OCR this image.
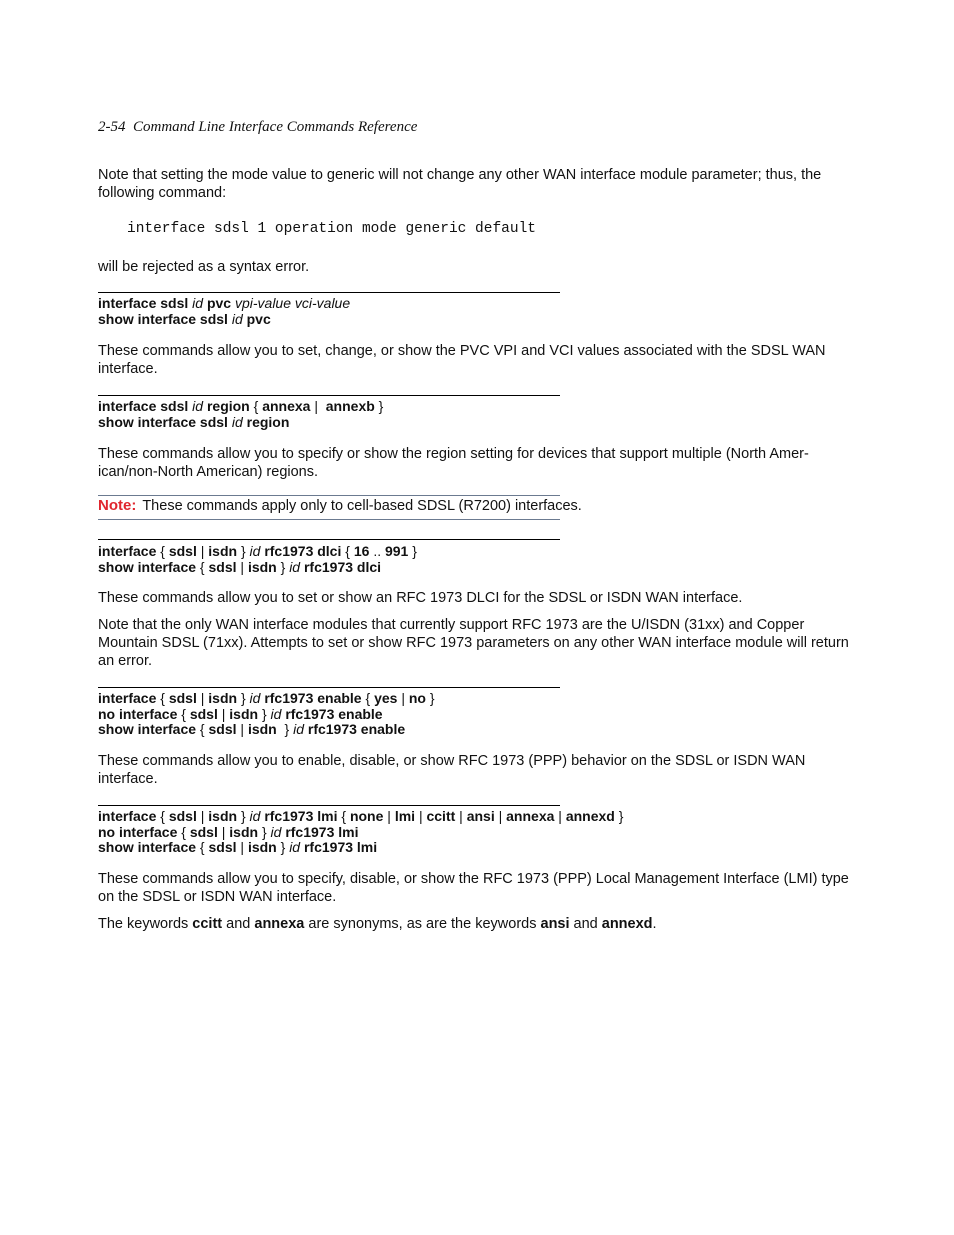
2-54 Command Line Interface Commands Reference

Note that setting the mode value to generic will not change any other WAN interface module parameter; thus, the following command:

interface sdsl 1 operation mode generic default

will be rejected as a syntax error.

interface sdsl id pvc vpi-value vci-value
show interface sdsl id pvc

These commands allow you to set, change, or show the PVC VPI and VCI values associated with the SDSL WAN interface.

interface sdsl id region { annexa | annexb }
show interface sdsl id region

These commands allow you to specify or show the region setting for devices that support multiple (North Amer-ican/non-North American) regions.

Note: These commands apply only to cell-based SDSL (R7200) interfaces.
interface { sdsl | isdn } id rfc1973 dlci { 16 .. 991 }
show interface { sdsl | isdn } id rfc1973 dlci

These commands allow you to set or show an RFC 1973 DLCI for the SDSL or ISDN WAN interface.

Note that the only WAN interface modules that currently support RFC 1973 are the U/ISDN (31xx) and Copper Mountain SDSL (71xx). Attempts to set or show RFC 1973 parameters on any other WAN interface module will return an error.

interface { sdsl | isdn } id rfc1973 enable { yes | no }
no interface { sdsl | isdn } id rfc1973 enable
show interface { sdsl | isdn } id rfc1973 enable

These commands allow you to enable, disable, or show RFC 1973 (PPP) behavior on the SDSL or ISDN WAN interface.

interface { sdsl | isdn } id rfc1973 lmi { none | lmi | ccitt | ansi | annexa | annexd }
no interface { sdsl | isdn } id rfc1973 lmi
show interface { sdsl | isdn } id rfc1973 lmi

These commands allow you to specify, disable, or show the RFC 1973 (PPP) Local Management Interface (LMI) type on the SDSL or ISDN WAN interface.

The keywords ccitt and annexa are synonyms, as are the keywords ansi and annexd.
